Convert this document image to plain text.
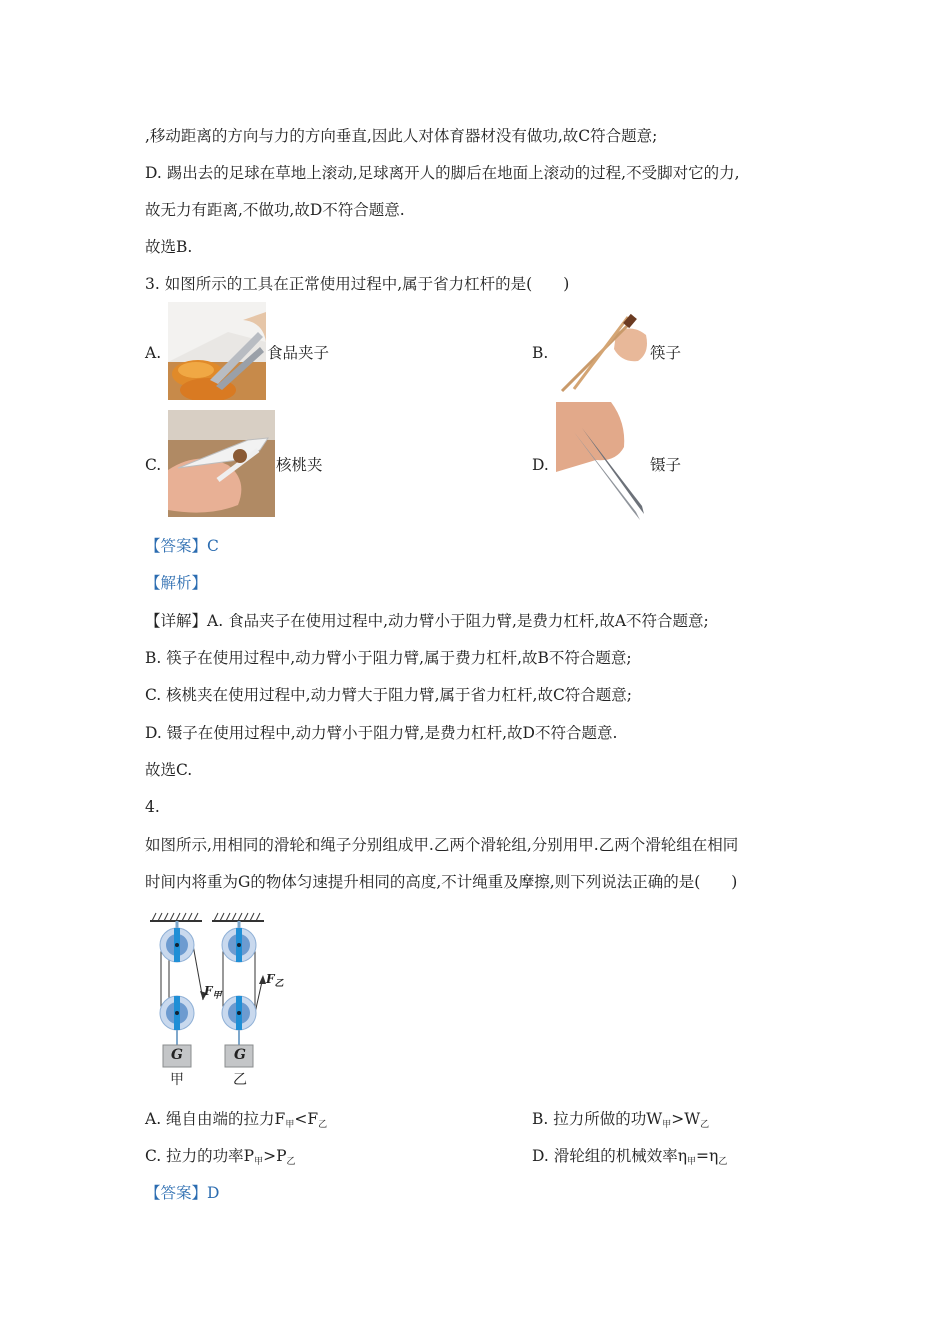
,移动距离的方向与力的方向垂直,因此人对体育器材没有做功,故C符合题意;
D. 踢出去的足球在草地上滚动,足球离开人的脚后在地面上滚动的过程,不受脚对它的力,
故无力有距离,不做功,故D不符合题意.
故选B.
3. 如图所示的工具在正常使用过程中,属于省力杠杆的是(　　)
A.	食品夹子	B.	筷子
C.	核桃夹	D.	镊子
【答案】C
【解析】
【详解】A. 食品夹子在使用过程中,动力臂小于阻力臂,是费力杠杆,故A不符合题意;
B. 筷子在使用过程中,动力臂小于阻力臂,属于费力杠杆,故B不符合题意;
C. 核桃夹在使用过程中,动力臂大于阻力臂,属于省力杠杆,故C符合题意;
D. 镊子在使用过程中,动力臂小于阻力臂,是费力杠杆,故D不符合题意.
故选C.
4.
如图所示,用相同的滑轮和绳子分别组成甲.乙两个滑轮组,分别用甲.乙两个滑轮组在相同
时间内将重为G的物体匀速提升相同的高度,不计绳重及摩擦,则下列说法正确的是(　　)
G	G
甲	乙
$F_甲$
$F_乙$
A. 绳自由端的拉力$F_甲<F_乙$	B. 拉力所做的功$W_甲>W_乙$
C. 拉力的功率$P_甲>P_乙$	D. 滑轮组的机械效率$\eta_甲=\eta_乙$
【答案】D
